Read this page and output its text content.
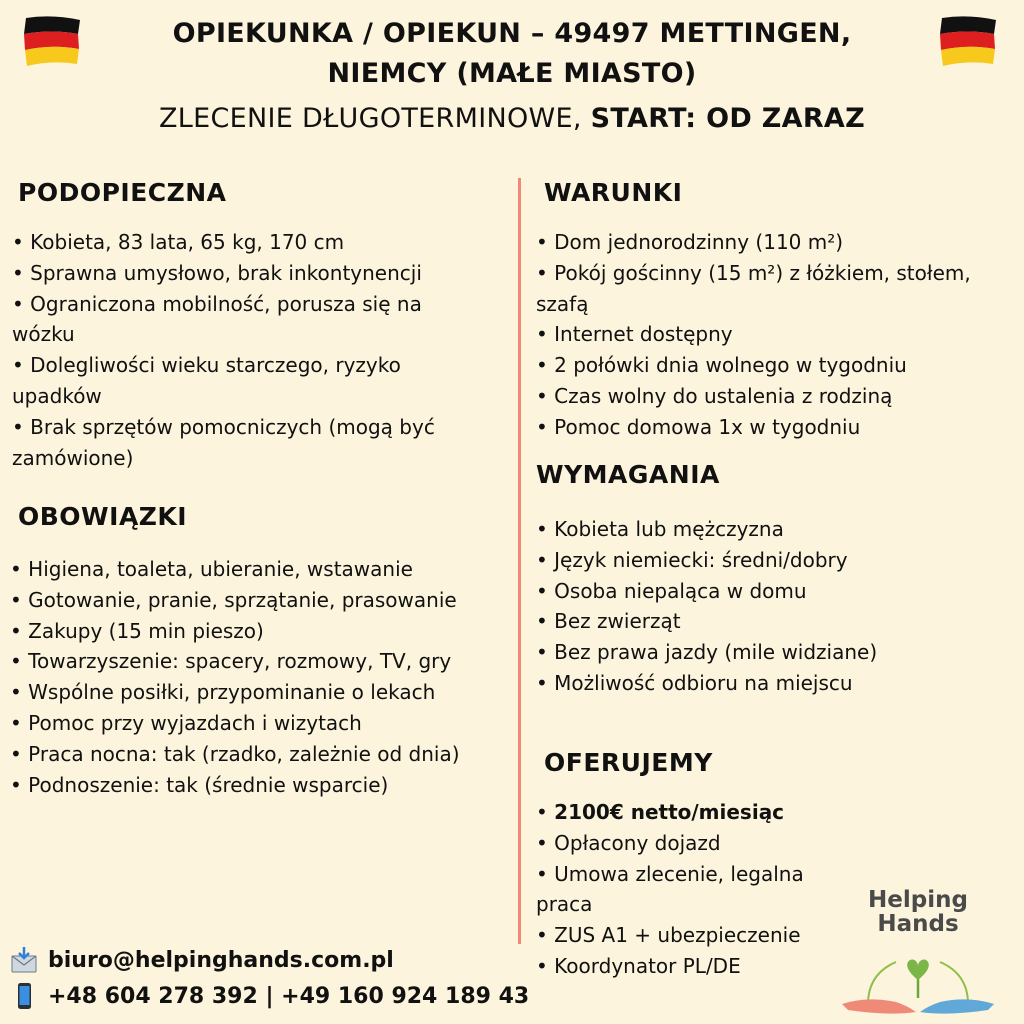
OPIEKUNKA / OPIEKUN – 49497 METTINGEN,
NIEMCY (MAŁE MIASTO)
ZLECENIE DŁUGOTERMINOWE, START: OD ZARAZ
PODOPIECZNA
• Kobieta, 83 lata, 65 kg, 170 cm
• Sprawna umysłowo, brak inkontynencji
• Ograniczona mobilność, porusza się na
wózku
• Dolegliwości wieku starczego, ryzyko
upadków
• Brak sprzętów pomocniczych (mogą być
zamówione)
OBOWIĄZKI
• Higiena, toaleta, ubieranie, wstawanie
• Gotowanie, pranie, sprzątanie, prasowanie
• Zakupy (15 min pieszo)
• Towarzyszenie: spacery, rozmowy, TV, gry
• Wspólne posiłki, przypominanie o lekach
• Pomoc przy wyjazdach i wizytach
• Praca nocna: tak (rzadko, zależnie od dnia)
• Podnoszenie: tak (średnie wsparcie)
WARUNKI
• Dom jednorodzinny (110 m²)
• Pokój gościnny (15 m²) z łóżkiem, stołem,
szafą
• Internet dostępny
• 2 połówki dnia wolnego w tygodniu
• Czas wolny do ustalenia z rodziną
• Pomoc domowa 1x w tygodniu
WYMAGANIA
• Kobieta lub mężczyzna
• Język niemiecki: średni/dobry
• Osoba niepaląca w domu
• Bez zwierząt
• Bez prawa jazdy (mile widziane)
• Możliwość odbioru na miejscu
OFERUJEMY
• 2100€ netto/miesiąc
• Opłacony dojazd
• Umowa zlecenie, legalna praca
• ZUS A1 + ubezpieczenie
• Koordynator PL/DE
biuro@helpinghands.com.pl
+48 604 278 392 | +49 160 924 189 43
Helping
Hands
